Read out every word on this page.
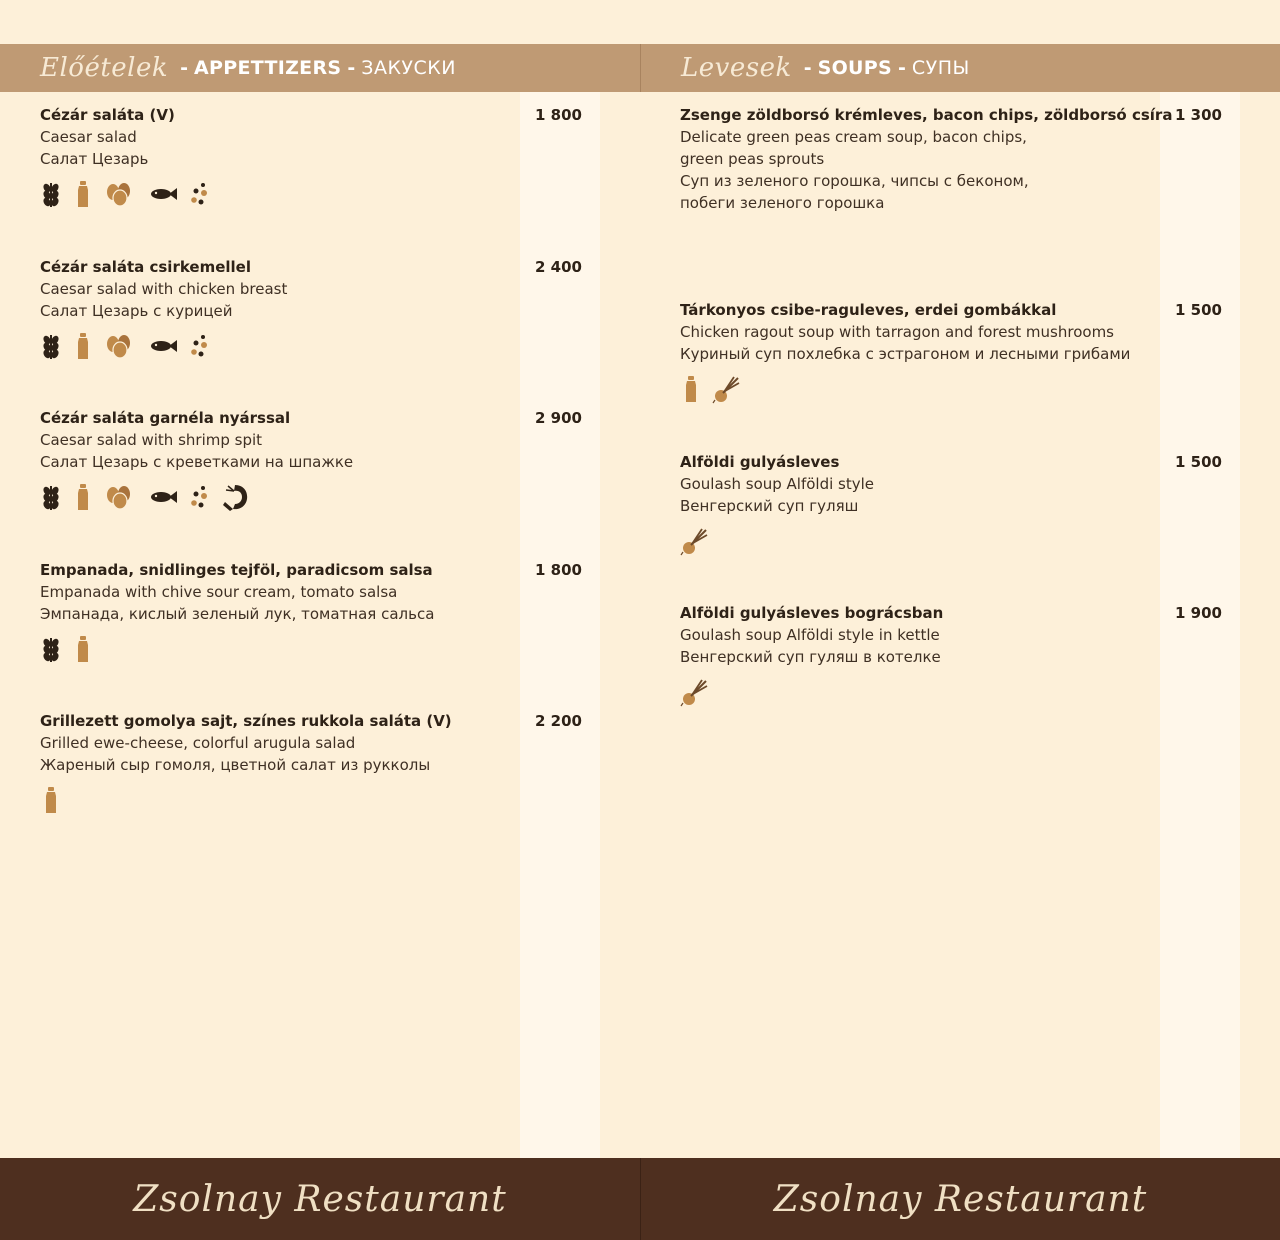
Előételek - APPETTIZERS - ЗАКУСКИ
Cézár saláta (V)
Caesar salad
Салат Цезарь
1 800
Cézár saláta csirkemellel
Caesar salad with chicken breast
Салат Цезарь с курицей
2 400
Cézár saláta garnéla nyárssal
Caesar salad with shrimp spit
Салат Цезарь с креветками на шпажке
2 900
Empanada, snidlinges tejföl, paradicsom salsa
Empanada with chive sour cream, tomato salsa
Эмпанада, кислый зеленый лук, томатная сальса
1 800
Grillezett gomolya sajt, színes rukkola saláta (V)
Grilled ewe-cheese, colorful arugula salad
Жареный сыр гомоля, цветной салат из рукколы
2 200
Zsolnay Restaurant
Levesek - SOUPS - СУПЫ
Zsenge zöldborsó krémleves, bacon chips, zöldborsó csíra
Delicate green peas cream soup, bacon chips,
green peas sprouts
Суп из зеленого горошка, чипсы с беконом,
побеги зеленого горошка
1 300
Tárkonyos csibe-raguleves, erdei gombákkal
Chicken ragout soup with tarragon and forest mushrooms
Куриный суп похлебка с эстрагоном и лесными грибами
1 500
Alföldi gulyásleves
Goulash soup Alföldi style
Венгерский суп гуляш
1 500
Alföldi gulyásleves bográcsban
Goulash soup Alföldi style in kettle
Венгерский суп гуляш в котелке
1 900
Zsolnay Restaurant
